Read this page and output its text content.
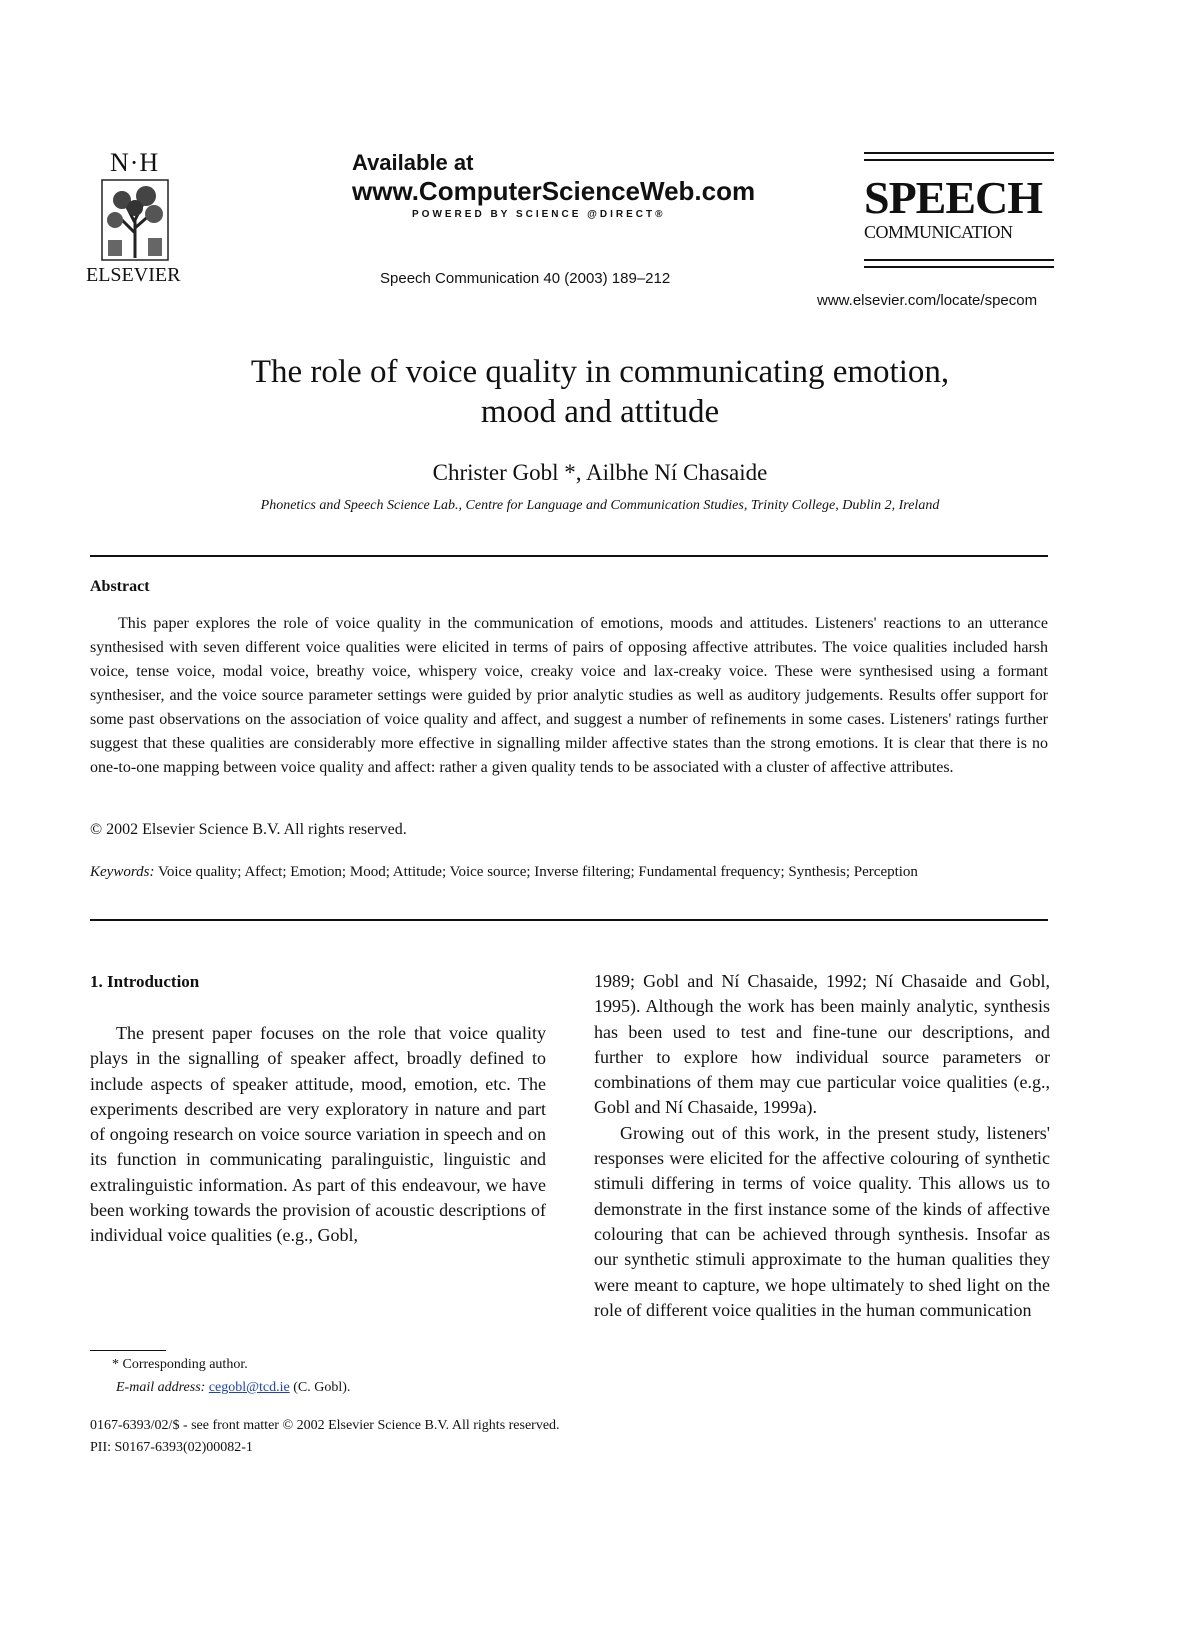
N·H
ELSEVIER
Available at
www.ComputerScienceWeb.com
POWERED BY SCIENCE @DIRECT®
Speech Communication 40 (2003) 189–212
SPEECH
COMMUNICATION
www.elsevier.com/locate/specom
The role of voice quality in communicating emotion,
mood and attitude
Christer Gobl *, Ailbhe Ní Chasaide
Phonetics and Speech Science Lab., Centre for Language and Communication Studies, Trinity College, Dublin 2, Ireland
Abstract

This paper explores the role of voice quality in the communication of emotions, moods and attitudes. Listeners' reactions to an utterance synthesised with seven different voice qualities were elicited in terms of pairs of opposing affective attributes. The voice qualities included harsh voice, tense voice, modal voice, breathy voice, whispery voice, creaky voice and lax-creaky voice. These were synthesised using a formant synthesiser, and the voice source parameter settings were guided by prior analytic studies as well as auditory judgements. Results offer support for some past observations on the association of voice quality and affect, and suggest a number of refinements in some cases. Listeners' ratings further suggest that these qualities are considerably more effective in signalling milder affective states than the strong emotions. It is clear that there is no one-to-one mapping between voice quality and affect: rather a given quality tends to be associated with a cluster of affective attributes.

© 2002 Elsevier Science B.V. All rights reserved.
Keywords: Voice quality; Affect; Emotion; Mood; Attitude; Voice source; Inverse filtering; Fundamental frequency; Synthesis; Perception
1. Introduction

The present paper focuses on the role that voice quality plays in the signalling of speaker affect, broadly defined to include aspects of speaker attitude, mood, emotion, etc. The experiments described are very exploratory in nature and part of ongoing research on voice source variation in speech and on its function in communicating paralinguistic, linguistic and extralinguistic information. As part of this endeavour, we have been working towards the provision of acoustic descriptions of individual voice qualities (e.g., Gobl,

1989; Gobl and Ní Chasaide, 1992; Ní Chasaide and Gobl, 1995). Although the work has been mainly analytic, synthesis has been used to test and fine-tune our descriptions, and further to explore how individual source parameters or combinations of them may cue particular voice qualities (e.g., Gobl and Ní Chasaide, 1999a).

Growing out of this work, in the present study, listeners' responses were elicited for the affective colouring of synthetic stimuli differing in terms of voice quality. This allows us to demonstrate in the first instance some of the kinds of affective colouring that can be achieved through synthesis. Insofar as our synthetic stimuli approximate to the human qualities they were meant to capture, we hope ultimately to shed light on the role of different voice qualities in the human communication

* Corresponding author.
E-mail address: cegobl@tcd.ie (C. Gobl).
0167-6393/02/$ - see front matter © 2002 Elsevier Science B.V. All rights reserved.
PII: S0167-6393(02)00082-1
